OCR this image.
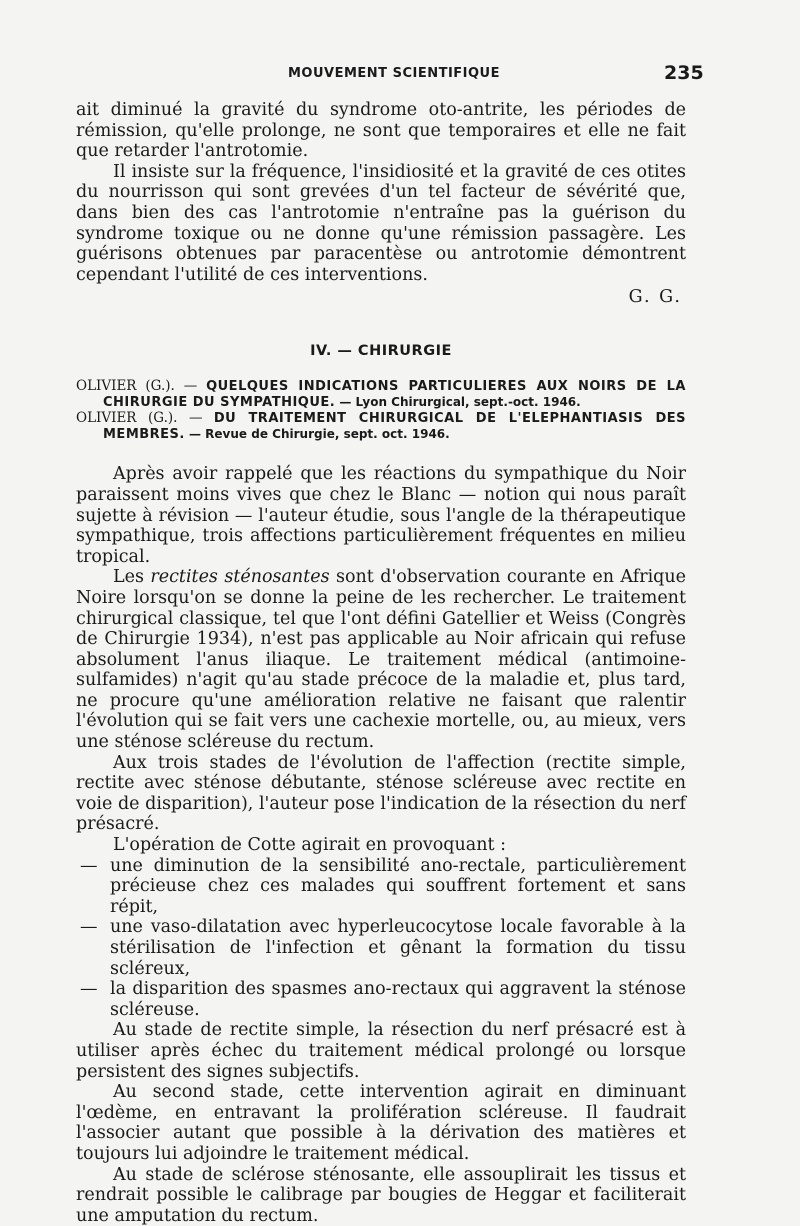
MOUVEMENT SCIENTIFIQUE	235

ait diminué la gravité du syndrome oto-antrite, les périodes de rémission, qu'elle prolonge, ne sont que temporaires et elle ne fait que retarder l'antrotomie.

Il insiste sur la fréquence, l'insidiosité et la gravité de ces otites du nourrisson qui sont grevées d'un tel facteur de sévérité que, dans bien des cas l'antrotomie n'entraîne pas la guérison du syndrome toxique ou ne donne qu'une rémission passagère. Les guérisons obtenues par paracentèse ou antrotomie démontrent cependant l'utilité de ces interventions.

G. G.

IV. — CHIRURGIE

OLIVIER (G.). — QUELQUES INDICATIONS PARTICULIERES AUX NOIRS DE LA CHIRURGIE DU SYMPATHIQUE. — Lyon Chirurgical, sept.-oct. 1946.

OLIVIER (G.). — DU TRAITEMENT CHIRURGICAL DE L'ELEPHANTIASIS DES MEMBRES. — Revue de Chirurgie, sept. oct. 1946.

Après avoir rappelé que les réactions du sympathique du Noir paraissent moins vives que chez le Blanc — notion qui nous paraît sujette à révision — l'auteur étudie, sous l'angle de la thérapeutique sympathique, trois affections particulièrement fréquentes en milieu tropical.

Les rectites sténosantes sont d'observation courante en Afrique Noire lorsqu'on se donne la peine de les rechercher. Le traitement chirurgical classique, tel que l'ont défini Gatellier et Weiss (Congrès de Chirurgie 1934), n'est pas applicable au Noir africain qui refuse absolument l'anus iliaque. Le traitement médical (antimoine-sulfamides) n'agit qu'au stade précoce de la maladie et, plus tard, ne procure qu'une amélioration relative ne faisant que ralentir l'évolution qui se fait vers une cachexie mortelle, ou, au mieux, vers une sténose scléreuse du rectum.

Aux trois stades de l'évolution de l'affection (rectite simple, rectite avec sténose débutante, sténose scléreuse avec rectite en voie de disparition), l'auteur pose l'indication de la résection du nerf présacré.

L'opération de Cotte agirait en provoquant :

— une diminution de la sensibilité ano-rectale, particulièrement précieuse chez ces malades qui souffrent fortement et sans répit,
— une vaso-dilatation avec hyperleucocytose locale favorable à la stérilisation de l'infection et gênant la formation du tissu scléreux,
— la disparition des spasmes ano-rectaux qui aggravent la sténose scléreuse.

Au stade de rectite simple, la résection du nerf présacré est à utiliser après échec du traitement médical prolongé ou lorsque persistent des signes subjectifs.

Au second stade, cette intervention agirait en diminuant l'œdème, en entravant la prolifération scléreuse. Il faudrait l'associer autant que possible à la dérivation des matières et toujours lui adjoindre le traitement médical.

Au stade de sclérose sténosante, elle assouplirait les tissus et rendrait possible le calibrage par bougies de Heggar et faciliterait une amputation du rectum.
